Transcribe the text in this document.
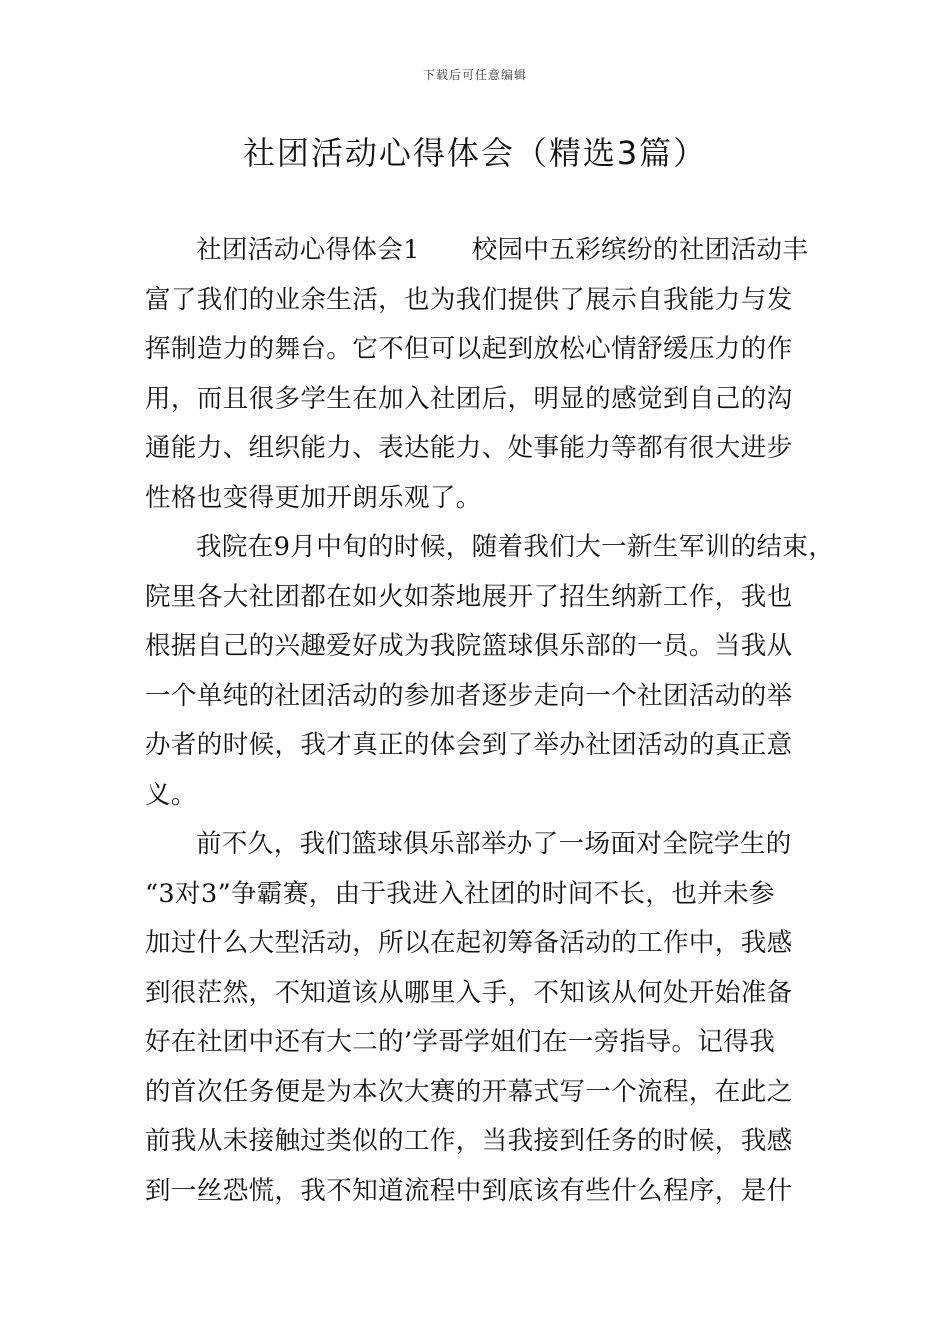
下载后可任意编辑
社团活动心得体会（精选3篇）
社团活动心得体会1　　校园中五彩缤纷的社团活动丰
富了我们的业余生活，也为我们提供了展示自我能力与发
挥制造力的舞台。它不但可以起到放松心情舒缓压力的作
用，而且很多学生在加入社团后，明显的感觉到自己的沟
通能力、组织能力、表达能力、处事能力等都有很大进步
性格也变得更加开朗乐观了。
我院在9月中旬的时候，随着我们大一新生军训的结束，
院里各大社团都在如火如荼地展开了招生纳新工作，我也
根据自己的兴趣爱好成为我院篮球俱乐部的一员。当我从
一个单纯的社团活动的参加者逐步走向一个社团活动的举
办者的时候，我才真正的体会到了举办社团活动的真正意
义。
前不久，我们篮球俱乐部举办了一场面对全院学生的
“3对3”争霸赛，由于我进入社团的时间不长，也并未参
加过什么大型活动，所以在起初筹备活动的工作中，我感
到很茫然，不知道该从哪里入手，不知该从何处开始准备
好在社团中还有大二的’学哥学姐们在一旁指导。记得我
的首次任务便是为本次大赛的开幕式写一个流程，在此之
前我从未接触过类似的工作，当我接到任务的时候，我感
到一丝恐慌，我不知道流程中到底该有些什么程序，是什
